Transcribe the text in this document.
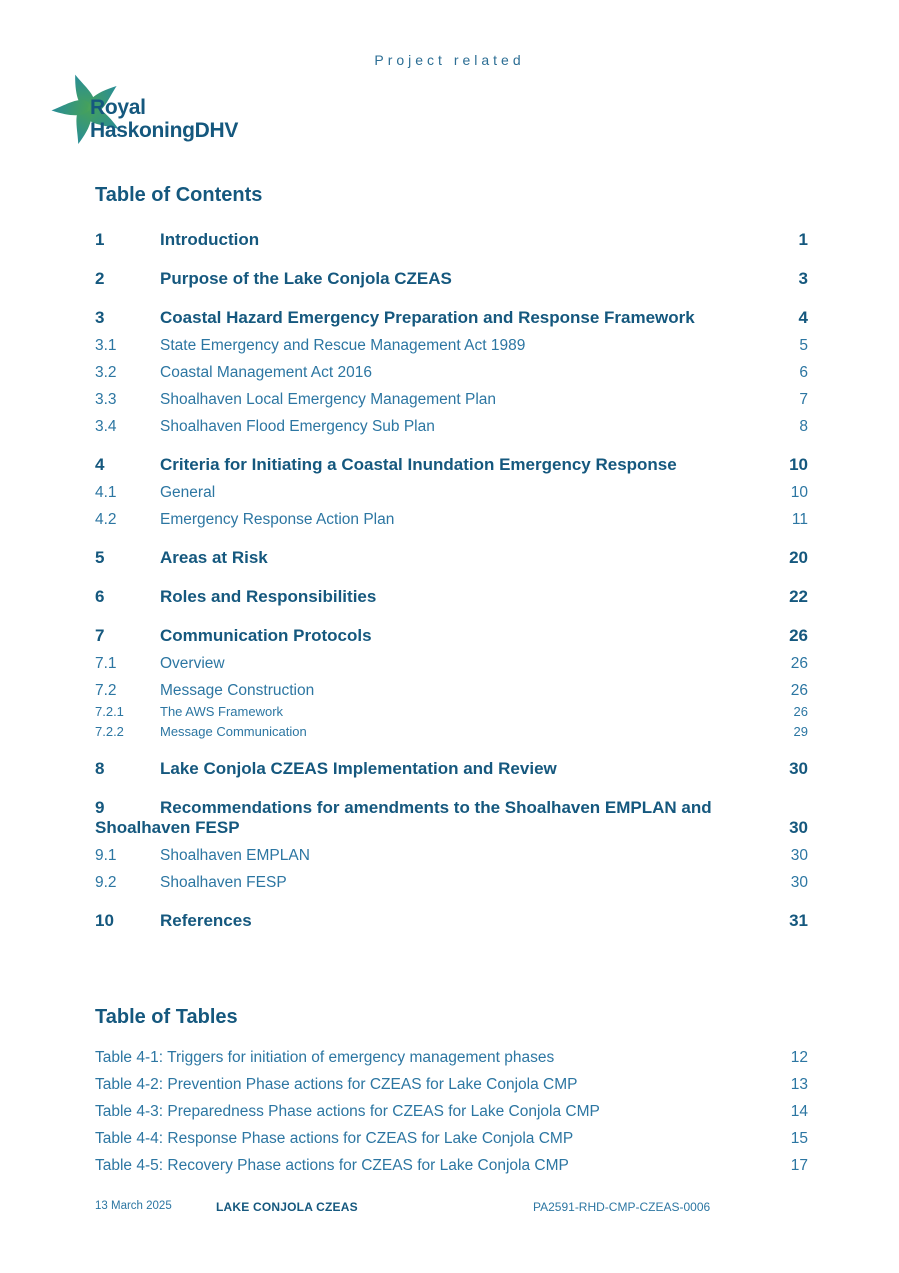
Project related
Royal
HaskoningDHV
Table of Contents
1	Introduction	1
2	Purpose of the Lake Conjola CZEAS	3
3	Coastal Hazard Emergency Preparation and Response Framework	4
3.1	State Emergency and Rescue Management Act 1989	5
3.2	Coastal Management Act 2016	6
3.3	Shoalhaven Local Emergency Management Plan	7
3.4	Shoalhaven Flood Emergency Sub Plan	8
4	Criteria for Initiating a Coastal Inundation Emergency Response	10
4.1	General	10
4.2	Emergency Response Action Plan	11
5	Areas at Risk	20
6	Roles and Responsibilities	22
7	Communication Protocols	26
7.1	Overview	26
7.2	Message Construction	26
7.2.1	The AWS Framework	26
7.2.2	Message Communication	29
8	Lake Conjola CZEAS Implementation and Review	30
9	Recommendations for amendments to the Shoalhaven EMPLAN and
Shoalhaven FESP	30
9.1	Shoalhaven EMPLAN	30
9.2	Shoalhaven FESP	30
10	References	31
Table of Tables
Table 4-1: Triggers for initiation of emergency management phases	12
Table 4-2: Prevention Phase actions for CZEAS for Lake Conjola CMP	13
Table 4-3: Preparedness Phase actions for CZEAS for Lake Conjola CMP	14
Table 4-4: Response Phase actions for CZEAS for Lake Conjola CMP	15
Table 4-5: Recovery Phase actions for CZEAS for Lake Conjola CMP	17
13 March 2025	LAKE CONJOLA CZEAS	PA2591-RHD-CMP-CZEAS-0006
